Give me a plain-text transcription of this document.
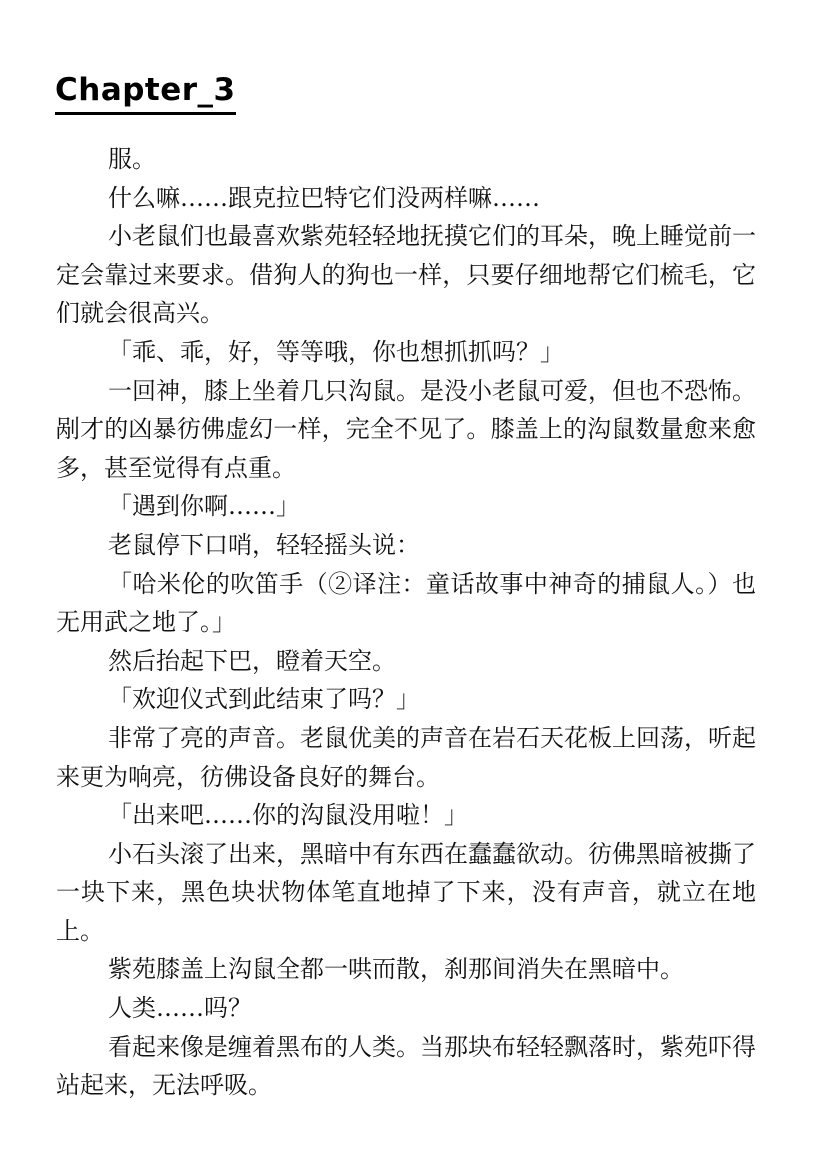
Chapter_3

服。

什么嘛……跟克拉巴特它们没两样嘛……

小老鼠们也最喜欢紫苑轻轻地抚摸它们的耳朵，晚上睡觉前一定会靠过来要求。借狗人的狗也一样，只要仔细地帮它们梳毛，它们就会很高兴。

「乖、乖，好，等等哦，你也想抓抓吗？」

一回神，膝上坐着几只沟鼠。是没小老鼠可爱，但也不恐怖。剐才的凶暴彷佛虚幻一样，完全不见了。膝盖上的沟鼠数量愈来愈多，甚至觉得有点重。

「遇到你啊……」

老鼠停下口哨，轻轻摇头说：

「哈米伦的吹笛手（②译注：童话故事中神奇的捕鼠人。）也无用武之地了。」

然后抬起下巴，瞪着天空。

「欢迎仪式到此结束了吗？」

非常了亮的声音。老鼠优美的声音在岩石天花板上回荡，听起来更为响亮，彷佛设备良好的舞台。

「出来吧……你的沟鼠没用啦！」

小石头滚了出来，黑暗中有东西在蠢蠢欲动。彷佛黑暗被撕了一块下来，黑色块状物体笔直地掉了下来，没有声音，就立在地上。

紫苑膝盖上沟鼠全都一哄而散，刹那间消失在黑暗中。

人类……吗？

看起来像是缠着黑布的人类。当那块布轻轻飘落时，紫苑吓得站起来，无法呼吸。
